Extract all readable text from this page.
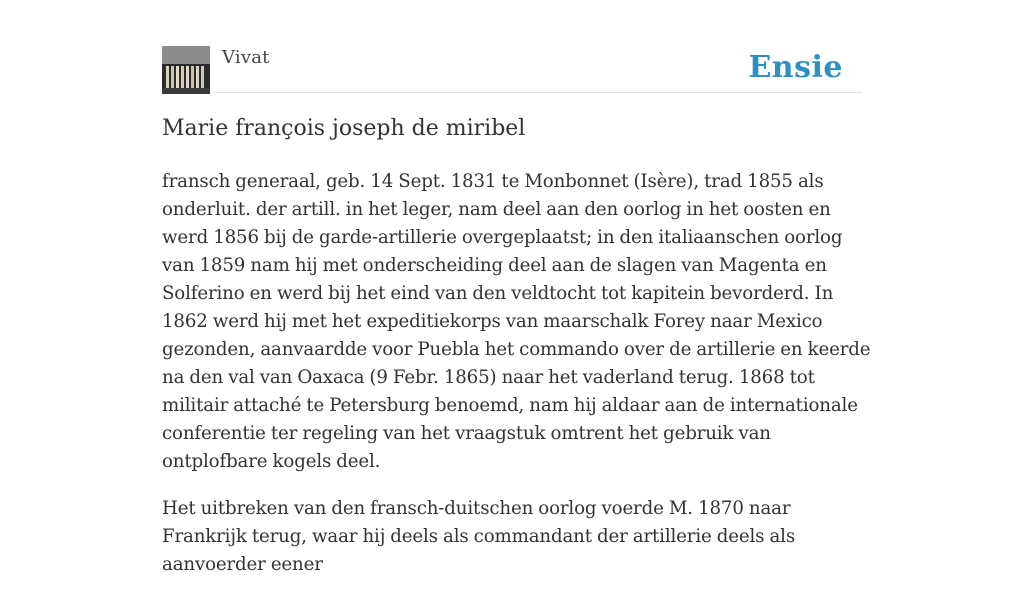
Vivat	Ensie
Marie françois joseph de miribel

fransch generaal, geb. 14 Sept. 1831 te Monbonnet (Isère), trad 1855 als onderluit. der artill. in het leger, nam deel aan den oorlog in het oosten en werd 1856 bij de garde-artillerie overgeplaatst; in den italiaanschen oorlog van 1859 nam hij met onderscheiding deel aan de slagen van Magenta en Solferino en werd bij het eind van den veldtocht tot kapitein bevorderd. In 1862 werd hij met het expeditiekorps van maarschalk Forey naar Mexico gezonden, aanvaardde voor Puebla het commando over de artillerie en keerde na den val van Oaxaca (9 Febr. 1865) naar het vaderland terug. 1868 tot militair attaché te Petersburg benoemd, nam hij aldaar aan de internationale conferentie ter regeling van het vraagstuk omtrent het gebruik van ontplofbare kogels deel.

Het uitbreken van den fransch-duitschen oorlog voerde M. 1870 naar Frankrijk terug, waar hij deels als commandant der artillerie deels als aanvoerder eener
